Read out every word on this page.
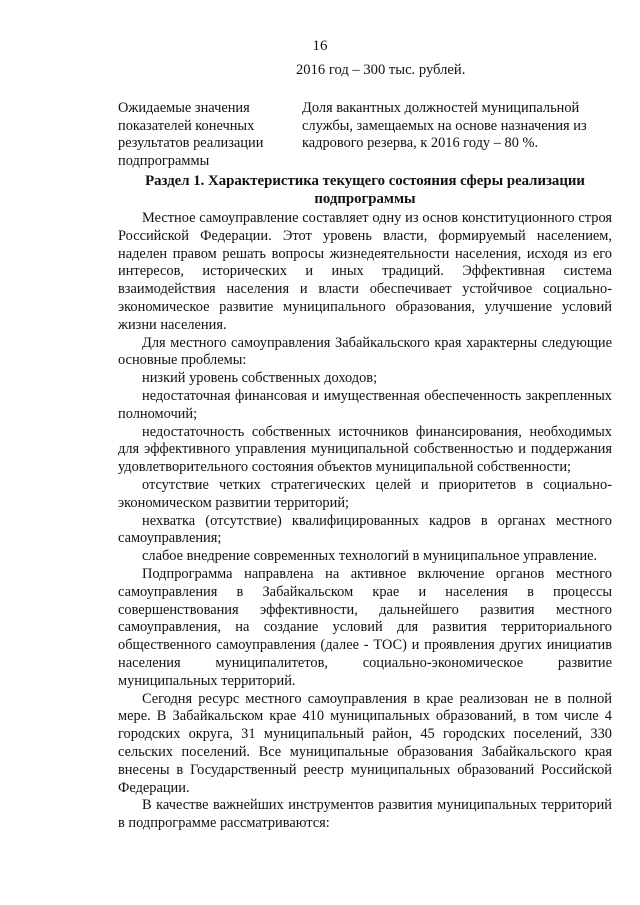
16
2016 год – 300 тыс. рублей.
Ожидаемые значения показателей конечных результатов реализации подпрограммы
Доля вакантных должностей муниципальной службы, замещаемых на основе назначения из кадрового резерва, к 2016 году – 80 %.
Раздел 1. Характеристика текущего состояния сферы реализации подпрограммы

Местное самоуправление составляет одну из основ конституционного строя Российской Федерации. Этот уровень власти, формируемый населением, наделен правом решать вопросы жизнедеятельности населения, исходя из его интересов, исторических и иных традиций. Эффективная система взаимодействия населения и власти обеспечивает устойчивое социально-экономическое развитие муниципального образования, улучшение условий жизни населения.

Для местного самоуправления Забайкальского края характерны следующие основные проблемы:

низкий уровень собственных доходов;

недостаточная финансовая и имущественная обеспеченность закрепленных полномочий;

недостаточность собственных источников финансирования, необходимых для эффективного управления муниципальной собственностью и поддержания удовлетворительного состояния объектов муниципальной собственности;

отсутствие четких стратегических целей и приоритетов в социально-экономическом развитии территорий;

нехватка (отсутствие) квалифицированных кадров в органах местного самоуправления;

слабое внедрение современных технологий в муниципальное управление.

Подпрограмма направлена на активное включение органов местного самоуправления в Забайкальском крае и населения в процессы совершенствования эффективности, дальнейшего развития местного самоуправления, на создание условий для развития территориального общественного самоуправления (далее - ТОС) и проявления других инициатив населения муниципалитетов, социально-экономическое развитие муниципальных территорий.

Сегодня ресурс местного самоуправления в крае реализован не в полной мере. В Забайкальском крае 410 муниципальных образований, в том числе 4 городских округа, 31 муниципальный район, 45 городских поселений, 330 сельских поселений. Все муниципальные образования Забайкальского края внесены в Государственный реестр муниципальных образований Российской Федерации.

В качестве важнейших инструментов развития муниципальных территорий в подпрограмме рассматриваются:
